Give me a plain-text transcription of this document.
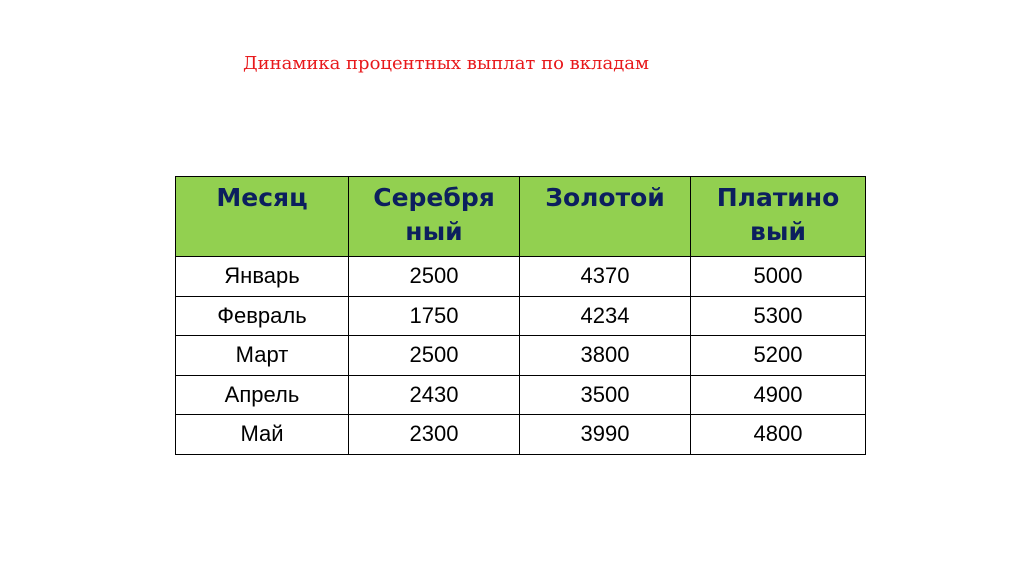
Динамика процентных выплат по вкладам
Месяц	Серебря ный	Золотой	Платино вый
Январь	2500	4370	5000
Февраль	1750	4234	5300
Март	2500	3800	5200
Апрель	2430	3500	4900
Май	2300	3990	4800
